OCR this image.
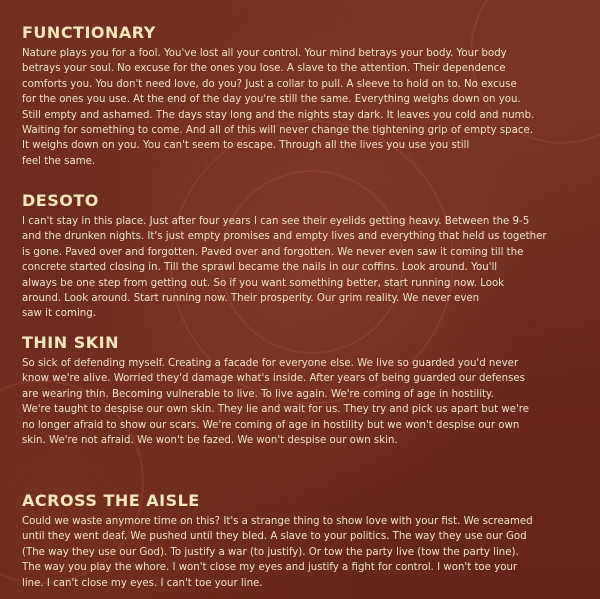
FUNCTIONARY

Nature plays you for a fool. You've lost all your control. Your mind betrays your body. Your body
betrays your soul. No excuse for the ones you lose. A slave to the attention. Their dependence
comforts you. You don't need love, do you? Just a collar to pull. A sleeve to hold on to. No excuse
for the ones you use. At the end of the day you're still the same. Everything weighs down on you.
Still empty and ashamed. The days stay long and the nights stay dark. It leaves you cold and numb.
Waiting for something to come. And all of this will never change the tightening grip of empty space.
It weighs down on you. You can't seem to escape. Through all the lives you use you still
feel the same.

DESOTO

I can't stay in this place. Just after four years I can see their eyelids getting heavy. Between the 9-5
and the drunken nights. It's just empty promises and empty lives and everything that held us together
is gone. Paved over and forgotten. Paved over and forgotten. We never even saw it coming till the
concrete started closing in. Till the sprawl became the nails in our coffins. Look around. You'll
always be one step from getting out. So if you want something better, start running now. Look
around. Look around. Start running now. Their prosperity. Our grim reality. We never even
saw it coming.

THIN SKIN

So sick of defending myself. Creating a facade for everyone else. We live so guarded you'd never
know we're alive. Worried they'd damage what's inside. After years of being guarded our defenses
are wearing thin. Becoming vulnerable to live. To live again. We're coming of age in hostility.
We're taught to despise our own skin. They lie and wait for us. They try and pick us apart but we're
no longer afraid to show our scars. We're coming of age in hostility but we won't despise our own
skin. We're not afraid. We won't be fazed. We won't despise our own skin.

ACROSS THE AISLE

Could we waste anymore time on this? It's a strange thing to show love with your fist. We screamed
until they went deaf. We pushed until they bled. A slave to your politics. The way they use our God
(The way they use our God). To justify a war (to justify). Or tow the party live (tow the party line).
The way you play the whore. I won't close my eyes and justify a fight for control. I won't toe your
line. I can't close my eyes. I can't toe your line.
